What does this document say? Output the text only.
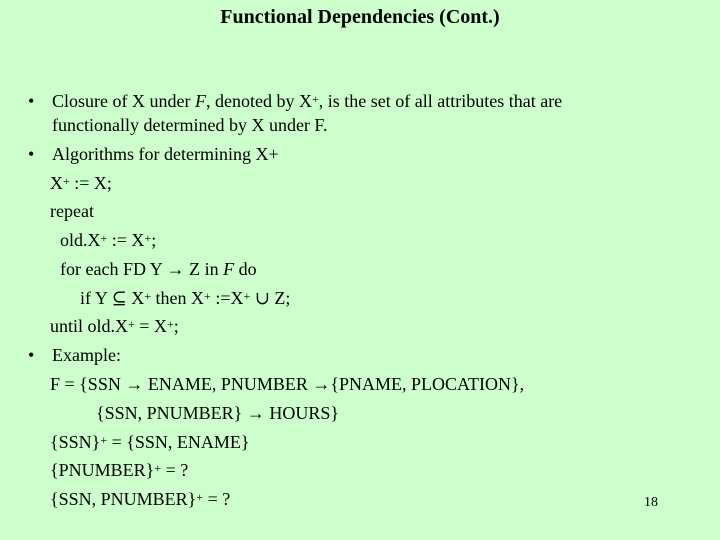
Functional Dependencies (Cont.)
• Closure of X under F, denoted by X+, is the set of all attributes that are
functionally determined by X under F.
• Algorithms for determining X+
X+ := X;
repeat
old.X+ := X+;
for each FD Y → Z in F do
if Y ⊆ X+ then X+ :=X+ ∪ Z;
until old.X+ = X+;
• Example:
F = {SSN → ENAME, PNUMBER →{PNAME, PLOCATION},
{SSN, PNUMBER} → HOURS}
{SSN}+ = {SSN, ENAME}
{PNUMBER}+ = ?
{SSN, PNUMBER}+ = ?	18
